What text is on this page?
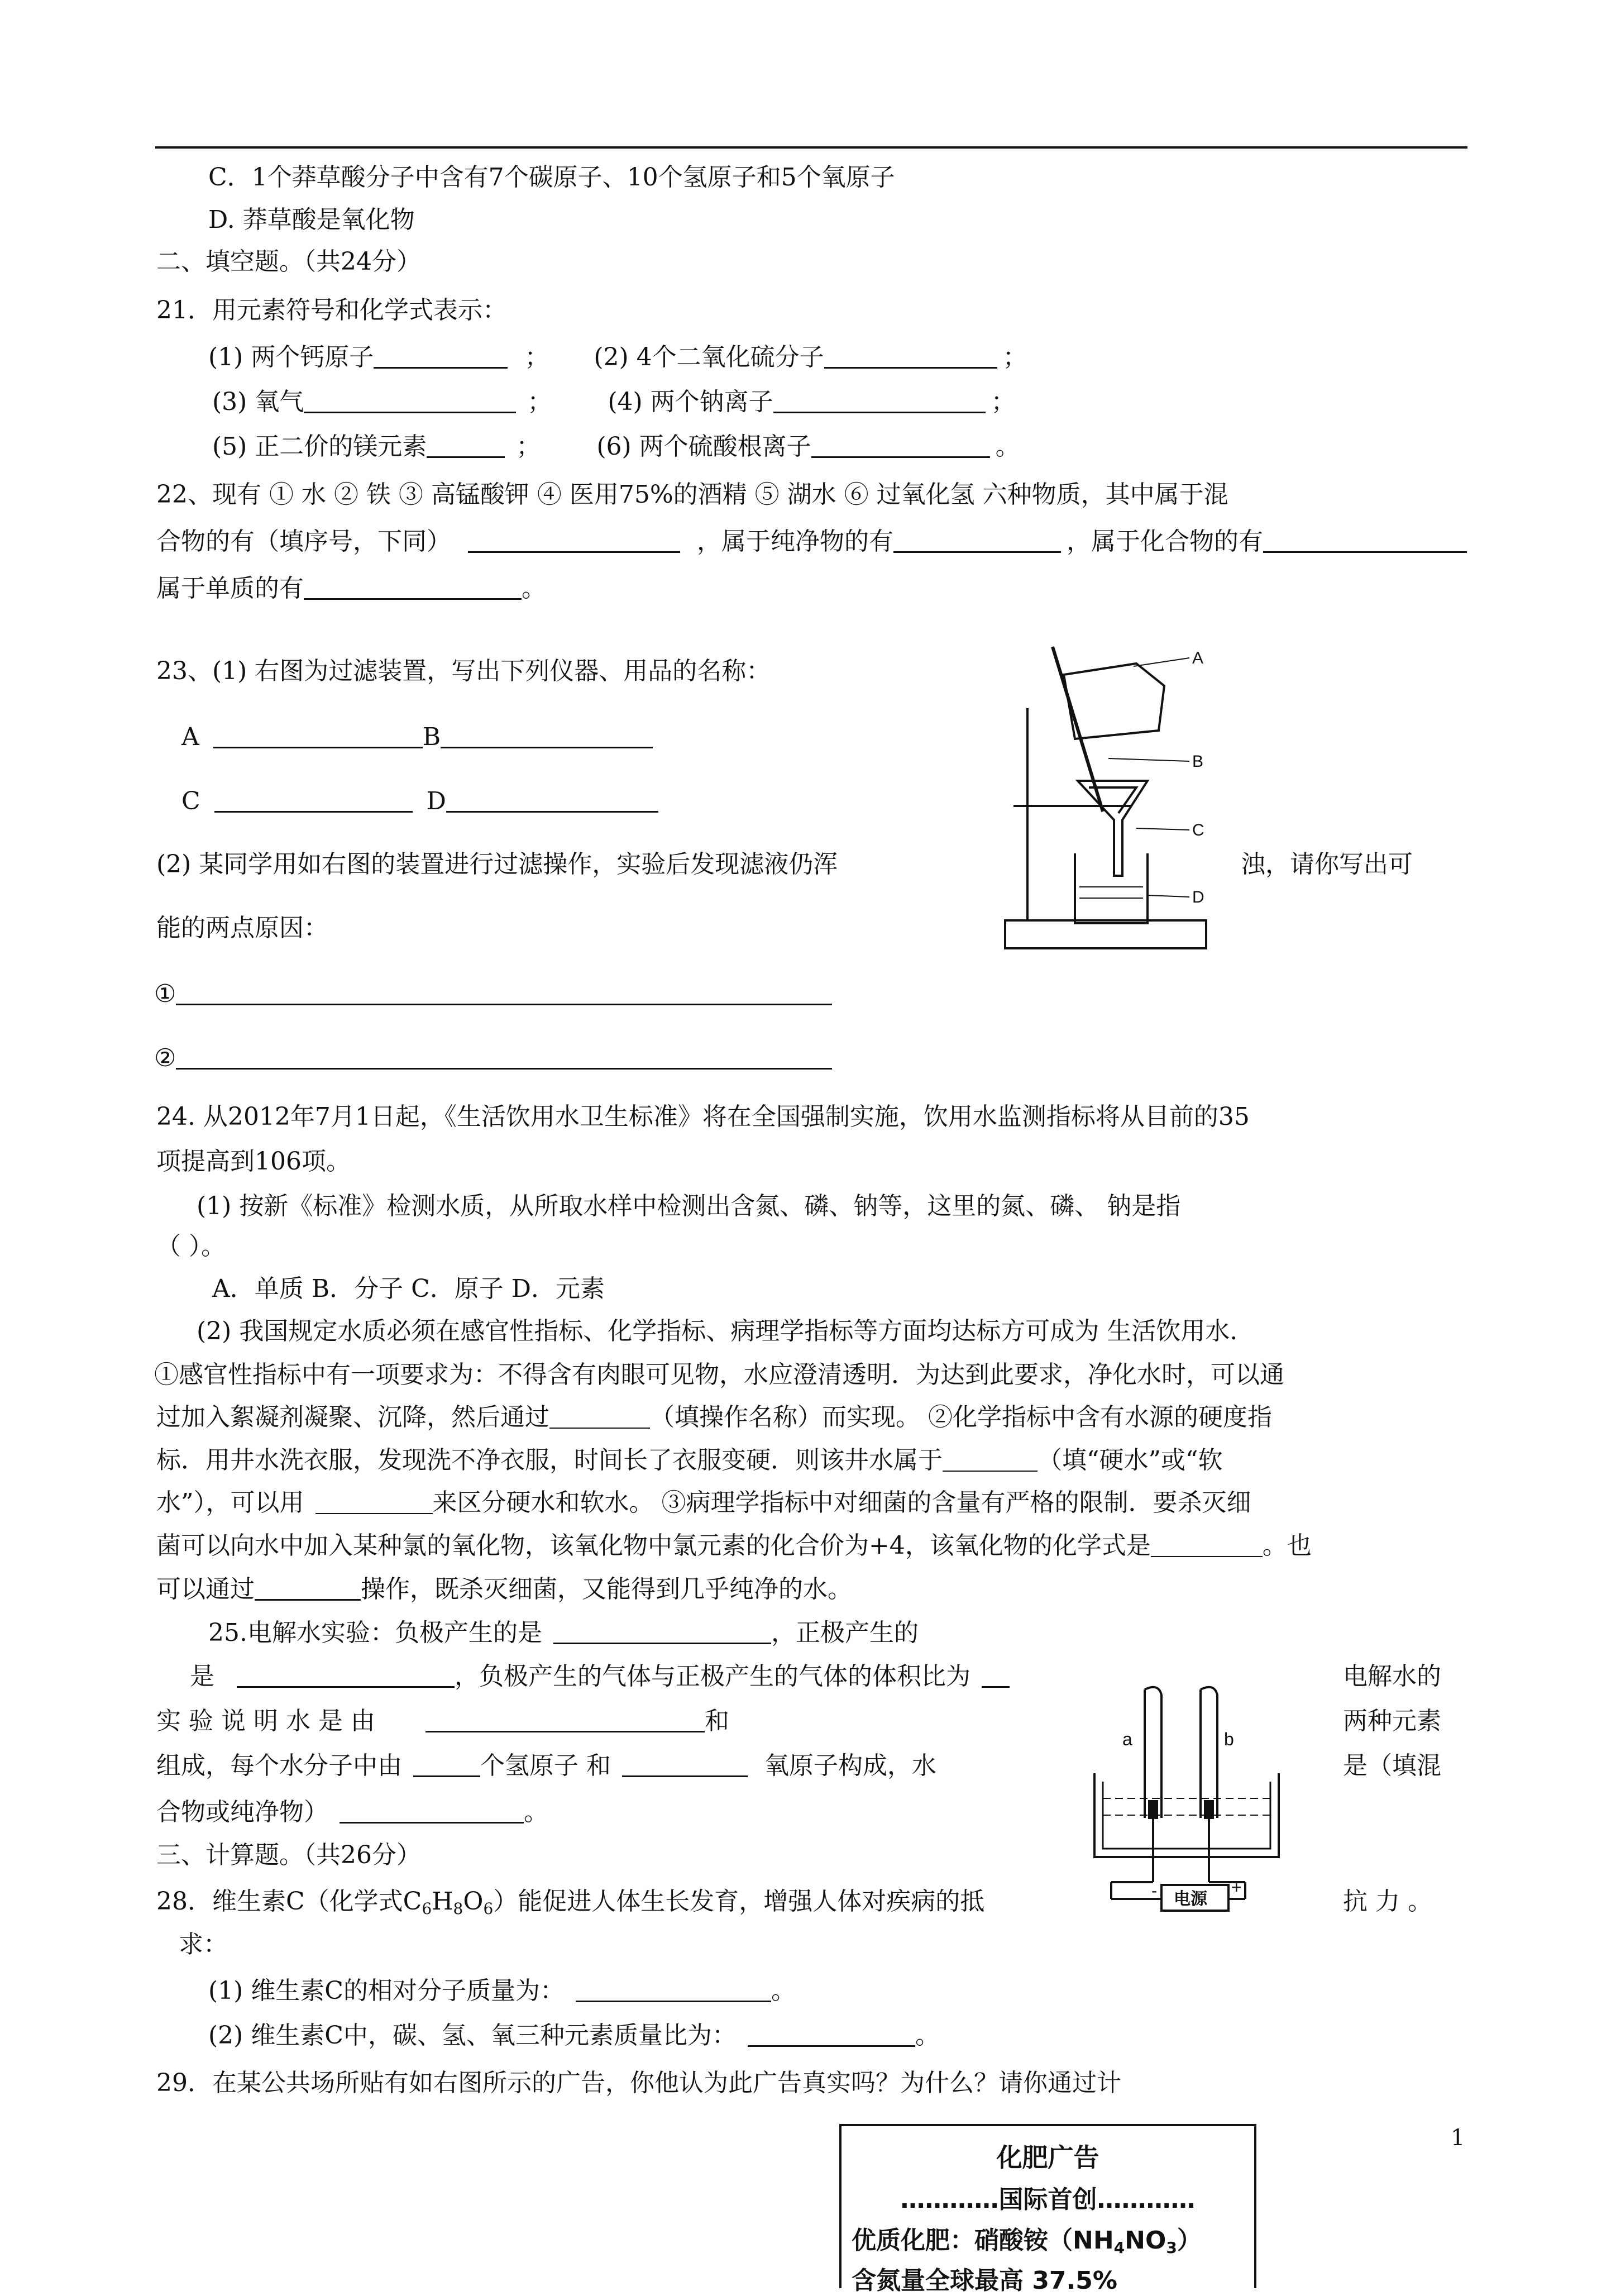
C．1个莽草酸分子中含有7个碳原子、10个氢原子和5个氧原子
D. 莽草酸是氧化物
二、填空题。（共24分）
21．用元素符号和化学式表示：
(1) 两个钙原子	； (2) 4个二氧化硫分子	；
(3) 氧气	； (4) 两个钠离子	；
(5) 正二价的镁元素	； (6) 两个硫酸根离子	。
22、现有 ① 水 ② 铁 ③ 高锰酸钾 ④ 医用75%的酒精 ⑤ 湖水 ⑥ 过氧化氢 六种物质，其中属于混
合物的有（填序号，下同）	，属于纯净物的有	，属于化合物的有
属于单质的有	。
23、(1) 右图为过滤装置，写出下列仪器、用品的名称：
A	B
C	D
(2) 某同学用如右图的装置进行过滤操作，实验后发现滤液仍浑	浊，请你写出可
能的两点原因：
①
②
A
B
C
D
24. 从2012年7月1日起，《生活饮用水卫生标准》将在全国强制实施，饮用水监测指标将从目前的35
项提高到106项。
(1) 按新《标准》检测水质，从所取水样中检测出含氮、磷、钠等，这里的氮、磷、 钠是指
（ ）。
A．单质 B．分子 C．原子 D．元素
(2) 我国规定水质必须在感官性指标、化学指标、病理学指标等方面均达标方可成为 生活饮用水.
①感官性指标中有一项要求为：不得含有肉眼可见物，水应澄清透明．为达到此要求，净化水时，可以通
过加入絮凝剂凝聚、沉降，然后通过	（填操作名称）而实现。 ②化学指标中含有水源的硬度指
标．用井水洗衣服，发现洗不净衣服，时间长了衣服变硬．则该井水属于	（填“硬水”或“软
水”），可以用	来区分硬水和软水。 ③病理学指标中对细菌的含量有严格的限制．要杀灭细
菌可以向水中加入某种氯的氧化物，该氧化物中氯元素的化合价为+4，该氧化物的化学式是	。也
可以通过	操作，既杀灭细菌，又能得到几乎纯净的水。
25.电解水实验：负极产生的是	，正极产生的
是	，负极产生的气体与正极产生的气体的体积比为	电解水的
实 验 说 明 水 是 由	和	两种元素
组成，每个水分子中由	个氢原子 和	氧原子构成，水	是（填混
合物或纯净物）	。
a	b
电源
-	+
三、计算题。（共26分）
28．维生素C（化学式$C_6H_8O_6$）能促进人体生长发育，增强人体对疾病的抵	抗 力 。
求：
(1) 维生素C的相对分子质量为：	。
(2) 维生素C中，碳、氢、氧三种元素质量比为：	。
29．在某公共场所贴有如右图所示的广告，你他认为此广告真实吗？为什么？请你通过计
化肥广告
…………国际首创…………
优质化肥：硝酸铵$(NH_4NO_3)$
含氮量全球最高 37.5%
1
